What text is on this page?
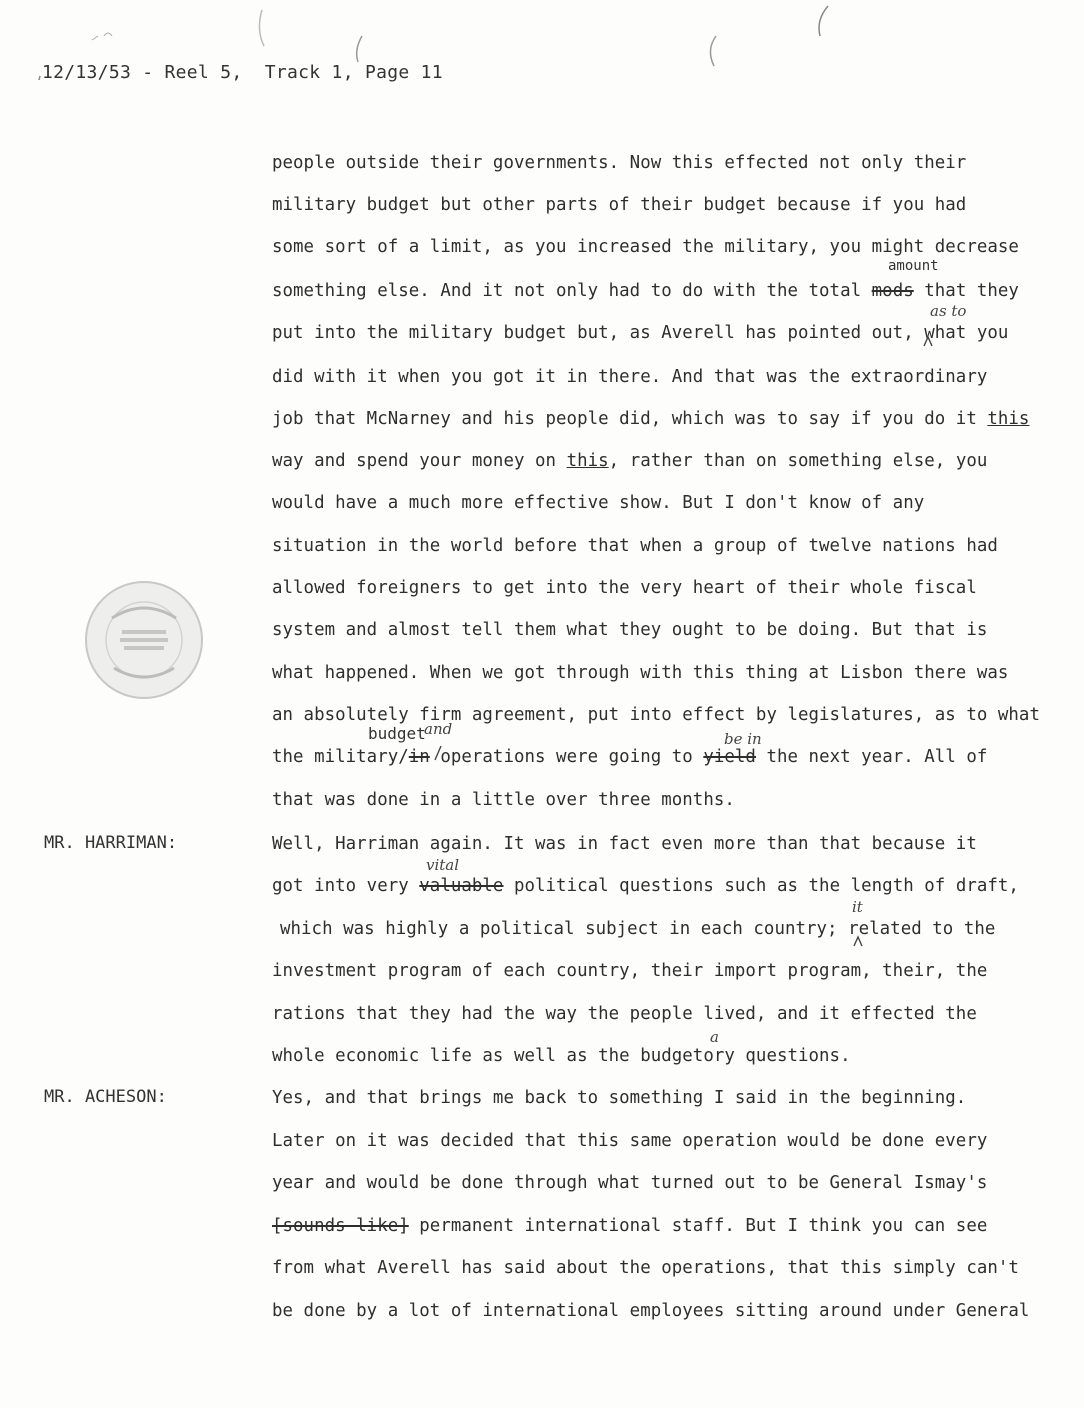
12/13/53 - Reel 5,  Track 1, Page 11
people outside their governments. Now this effected not only their
military budget but other parts of their budget because if you had
some sort of a limit, as you increased the military, you might decrease
amount
something else. And it not only had to do with the total mods that they
as to
put into the military budget but, as Averell has pointed out, what you
did with it when you got it in there. And that was the extraordinary
job that McNarney and his people did, which was to say if you do it this
way and spend your money on this, rather than on something else, you
would have a much more effective show. But I don't know of any
situation in the world before that when a group of twelve nations had
allowed foreigners to get into the very heart of their whole fiscal
system and almost tell them what they ought to be doing. But that is
what happened. When we got through with this thing at Lisbon there was
an absolutely firm agreement, put into effect by legislatures, as to what
budget
and
be in
the military/in operations were going to yield the next year. All of
that was done in a little over three months.
MR. HARRIMAN:	Well, Harriman again. It was in fact even more than that because it
vital
got into very valuable political questions such as the length of draft,
it
which was highly a political subject in each country; related to the
investment program of each country, their import program, their, the
rations that they had the way the people lived, and it effected the
a
whole economic life as well as the budgetory questions.
MR. ACHESON:	Yes, and that brings me back to something I said in the beginning.
Later on it was decided that this same operation would be done every
year and would be done through what turned out to be General Ismay's
[sounds like] permanent international staff. But I think you can see
from what Averell has said about the operations, that this simply can't
be done by a lot of international employees sitting around under General
